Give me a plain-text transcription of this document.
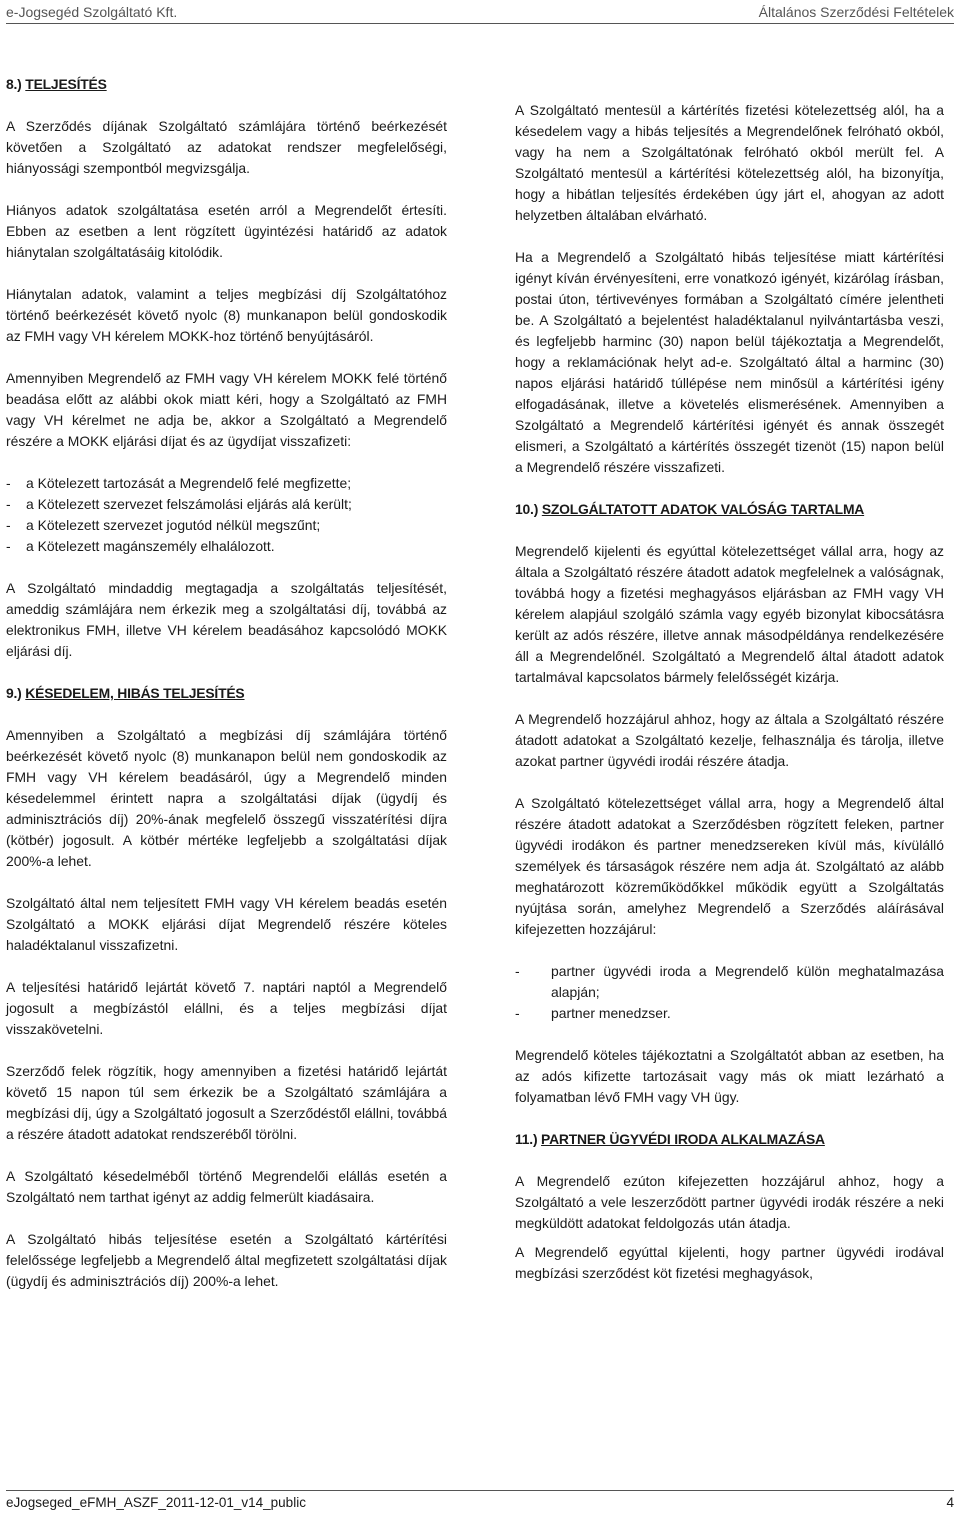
e-Jogsegéd Szolgáltató Kft.	Általános Szerződési Feltételek
8.) TELJESÍTÉS

A Szerződés díjának Szolgáltató számlájára történő beérkezését követően a Szolgáltató az adatokat rendszer megfelelőségi, hiányossági szempontból megvizsgálja.

Hiányos adatok szolgáltatása esetén arról a Megrendelőt értesíti. Ebben az esetben a lent rögzített ügyintézési határidő az adatok hiánytalan szolgáltatásáig kitolódik.

Hiánytalan adatok, valamint a teljes megbízási díj Szolgáltatóhoz történő beérkezését követő nyolc (8) munkanapon belül gondoskodik az FMH vagy VH kérelem MOKK-hoz történő benyújtásáról.

Amennyiben Megrendelő az FMH vagy VH kérelem MOKK felé történő beadása előtt az alábbi okok miatt kéri, hogy a Szolgáltató az FMH vagy VH kérelmet ne adja be, akkor a Szolgáltató a Megrendelő részére a MOKK eljárási díjat és az ügydíjat visszafizeti:

-	a Kötelezett tartozását a Megrendelő felé megfizette;
-	a Kötelezett szervezet felszámolási eljárás alá került;
-	a Kötelezett szervezet jogutód nélkül megszűnt;
-	a Kötelezett magánszemély elhalálozott.

A Szolgáltató mindaddig megtagadja a szolgáltatás teljesítését, ameddig számlájára nem érkezik meg a szolgáltatási díj, továbbá az elektronikus FMH, illetve VH kérelem beadásához kapcsolódó MOKK eljárási díj.

9.) KÉSEDELEM, HIBÁS TELJESÍTÉS

Amennyiben a Szolgáltató a megbízási díj számlájára történő beérkezését követő nyolc (8) munkanapon belül nem gondoskodik az FMH vagy VH kérelem beadásáról, úgy a Megrendelő minden késedelemmel érintett napra a szolgáltatási díjak (ügydíj és adminisztrációs díj) 20%-ának megfelelő összegű visszatérítési díjra (kötbér) jogosult. A kötbér mértéke legfeljebb a szolgáltatási díjak 200%-a lehet.

Szolgáltató által nem teljesített FMH vagy VH kérelem beadás esetén Szolgáltató a MOKK eljárási díjat Megrendelő részére köteles haladéktalanul visszafizetni.

A teljesítési határidő lejártát követő 7. naptári naptól a Megrendelő jogosult a megbízástól elállni, és a teljes megbízási díjat visszakövetelni.

Szerződő felek rögzítik, hogy amennyiben a fizetési határidő lejártát követő 15 napon túl sem érkezik be a Szolgáltató számlájára a megbízási díj, úgy a Szolgáltató jogosult a Szerződéstől elállni, továbbá a részére átadott adatokat rendszeréből törölni.

A Szolgáltató késedelméből történő Megrendelői elállás esetén a Szolgáltató nem tarthat igényt az addig felmerült kiadásaira.

A Szolgáltató hibás teljesítése esetén a Szolgáltató kártérítési felelőssége legfeljebb a Megrendelő által megfizetett szolgáltatási díjak (ügydíj és adminisztrációs díj) 200%-a lehet.

A Szolgáltató mentesül a kártérítés fizetési kötelezettség alól, ha a késedelem vagy a hibás teljesítés a Megrendelőnek felróható okból, vagy ha nem a Szolgáltatónak felróható okból merült fel. A Szolgáltató mentesül a kártérítési kötelezettség alól, ha bizonyítja, hogy a hibátlan teljesítés érdekében úgy járt el, ahogyan az adott helyzetben általában elvárható.

Ha a Megrendelő a Szolgáltató hibás teljesítése miatt kártérítési igényt kíván érvényesíteni, erre vonatkozó igényét, kizárólag írásban, postai úton, tértivevényes formában a Szolgáltató címére jelentheti be. A Szolgáltató a bejelentést haladéktalanul nyilvántartásba veszi, és legfeljebb harminc (30) napon belül tájékoztatja a Megrendelőt, hogy a reklamációnak helyt ad-e. Szolgáltató által a harminc (30) napos eljárási határidő túllépése nem minősül a kártérítési igény elfogadásának, illetve a követelés elismerésének. Amennyiben a Szolgáltató a Megrendelő kártérítési igényét és annak összegét elismeri, a Szolgáltató a kártérítés összegét tizenöt (15) napon belül a Megrendelő részére visszafizeti.

10.) SZOLGÁLTATOTT ADATOK VALÓSÁG TARTALMA

Megrendelő kijelenti és egyúttal kötelezettséget vállal arra, hogy az általa a Szolgáltató részére átadott adatok megfelelnek a valóságnak, továbbá hogy a fizetési meghagyásos eljárásban az FMH vagy VH kérelem alapjául szolgáló számla vagy egyéb bizonylat kibocsátásra került az adós részére, illetve annak másodpéldánya rendelkezésére áll a Megrendelőnél. Szolgáltató a Megrendelő által átadott adatok tartalmával kapcsolatos bármely felelősségét kizárja.

A Megrendelő hozzájárul ahhoz, hogy az általa a Szolgáltató részére átadott adatokat a Szolgáltató kezelje, felhasználja és tárolja, illetve azokat partner ügyvédi irodái részére átadja.

A Szolgáltató kötelezettséget vállal arra, hogy a Megrendelő által részére átadott adatokat a Szerződésben rögzített feleken, partner ügyvédi irodákon és partner menedzsereken kívül más, kívülálló személyek és társaságok részére nem adja át. Szolgáltató az alább meghatározott közreműködőkkel működik együtt a Szolgáltatás nyújtása során, amelyhez Megrendelő a Szerződés aláírásával kifejezetten hozzájárul:

-	partner ügyvédi iroda a Megrendelő külön meghatalmazása alapján;
-	partner menedzser.

Megrendelő köteles tájékoztatni a Szolgáltatót abban az esetben, ha az adós kifizette tartozásait vagy más ok miatt lezárható a folyamatban lévő FMH vagy VH ügy.

11.) PARTNER ÜGYVÉDI IRODA ALKALMAZÁSA

A Megrendelő ezúton kifejezetten hozzájárul ahhoz, hogy a Szolgáltató a vele leszerződött partner ügyvédi irodák részére a neki megküldött adatokat feldolgozás után átadja.

A Megrendelő egyúttal kijelenti, hogy partner ügyvédi irodával megbízási szerződést köt fizetési meghagyások,

eJogseged_eFMH_ASZF_2011-12-01_v14_public	4
